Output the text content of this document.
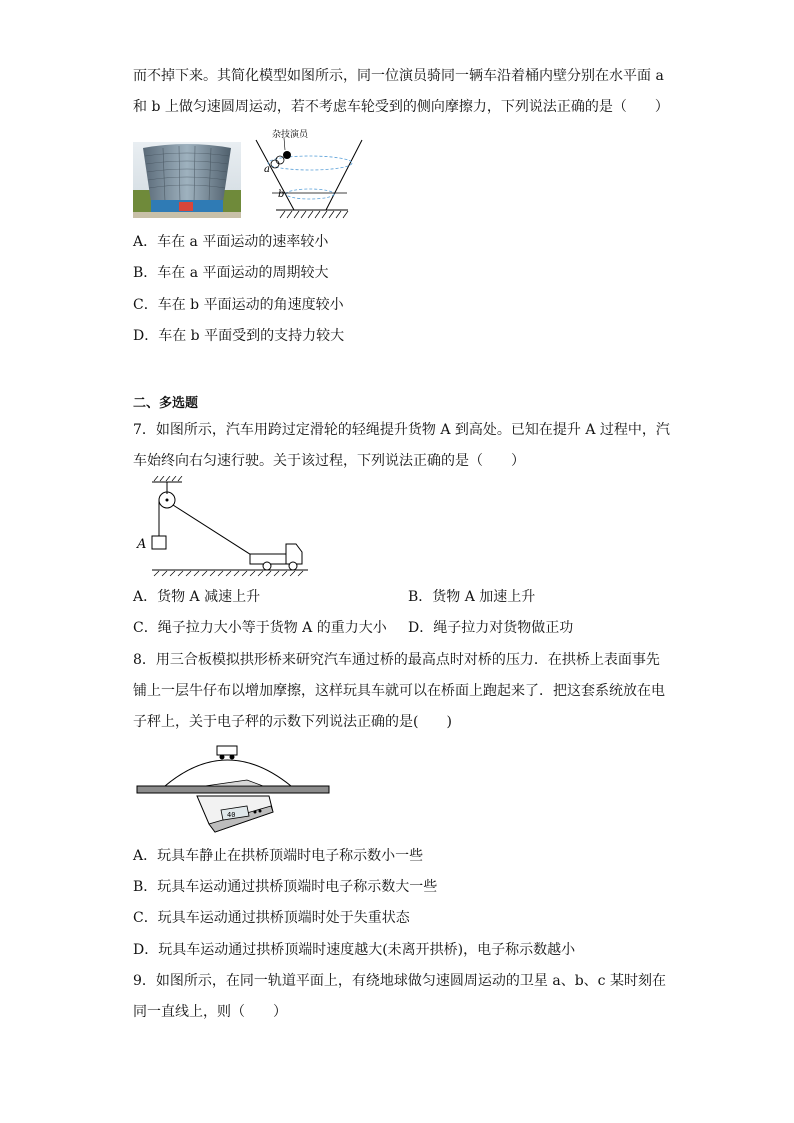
而不掉下来。其简化模型如图所示，同一位演员骑同一辆车沿着桶内壁分别在水平面 a
和 b 上做匀速圆周运动，若不考虑车轮受到的侧向摩擦力，下列说法正确的是（　　）
杂技演员
a
b
A．车在 a 平面运动的速率较小
B．车在 a 平面运动的周期较大
C．车在 b 平面运动的角速度较小
D．车在 b 平面受到的支持力较大
二、多选题
7．如图所示，汽车用跨过定滑轮的轻绳提升货物 A 到高处。已知在提升 A 过程中，汽
车始终向右匀速行驶。关于该过程，下列说法正确的是（　　）
A
A．货物 A 减速上升	B．货物 A 加速上升
C．绳子拉力大小等于货物 A 的重力大小 D．绳子拉力对货物做正功
8．用三合板模拟拱形桥来研究汽车通过桥的最高点时对桥的压力．在拱桥上表面事先
铺上一层牛仔布以增加摩擦，这样玩具车就可以在桥面上跑起来了．把这套系统放在电
子秤上，关于电子秤的示数下列说法正确的是(　　)
40
A．玩具车静止在拱桥顶端时电子称示数小一些
B．玩具车运动通过拱桥顶端时电子称示数大一些
C．玩具车运动通过拱桥顶端时处于失重状态
D．玩具车运动通过拱桥顶端时速度越大(未离开拱桥)，电子称示数越小
9．如图所示，在同一轨道平面上，有绕地球做匀速圆周运动的卫星 a、b、c 某时刻在
同一直线上，则（　　）
